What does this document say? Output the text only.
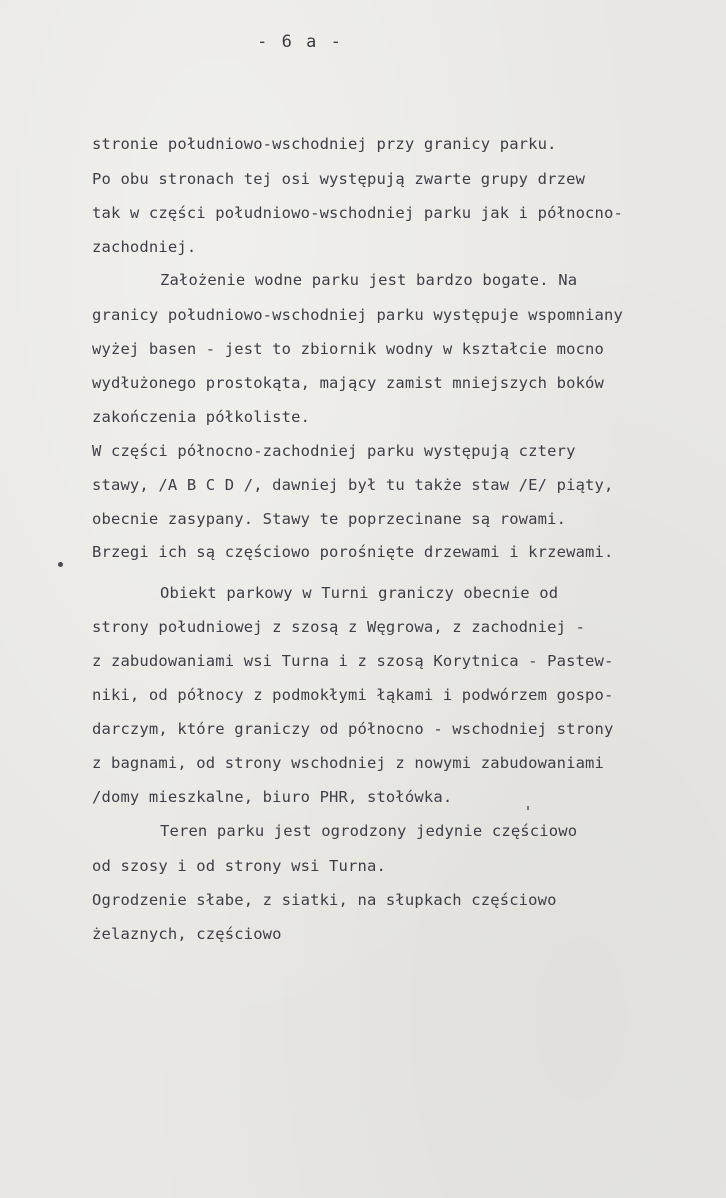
- 6 a -
stronie południowo-wschodniej przy granicy parku.
Po obu stronach tej osi występują zwarte grupy drzew
tak w części południowo-wschodniej parku jak i północno-
zachodniej.
Założenie wodne parku jest bardzo bogate. Na
granicy południowo-wschodniej parku występuje wspomniany
wyżej basen - jest to zbiornik wodny w kształcie mocno
wydłużonego prostokąta, mający zamist mniejszych boków
zakończenia półkoliste.
W części północno-zachodniej parku występują cztery
stawy, /A B C D /, dawniej był tu także staw /E/ piąty,
obecnie zasypany. Stawy te poprzecinane są rowami.
Brzegi ich są częściowo porośnięte drzewami i krzewami.
Obiekt parkowy w Turni graniczy obecnie od
strony południowej z szosą z Węgrowa, z zachodniej -
z zabudowaniami wsi Turna i z szosą Korytnica - Pastew-
niki, od północy z podmokłymi łąkami i podwórzem gospo-
darczym, które graniczy od północno - wschodniej strony
z bagnami, od strony wschodniej z nowymi zabudowaniami
/domy mieszkalne, biuro PHR, stołówka.
Teren parku jest ogrodzony jedynie częściowo
od szosy i od strony wsi Turna.
Ogrodzenie słabe, z siatki, na słupkach częściowo
żelaznych, częściowo
